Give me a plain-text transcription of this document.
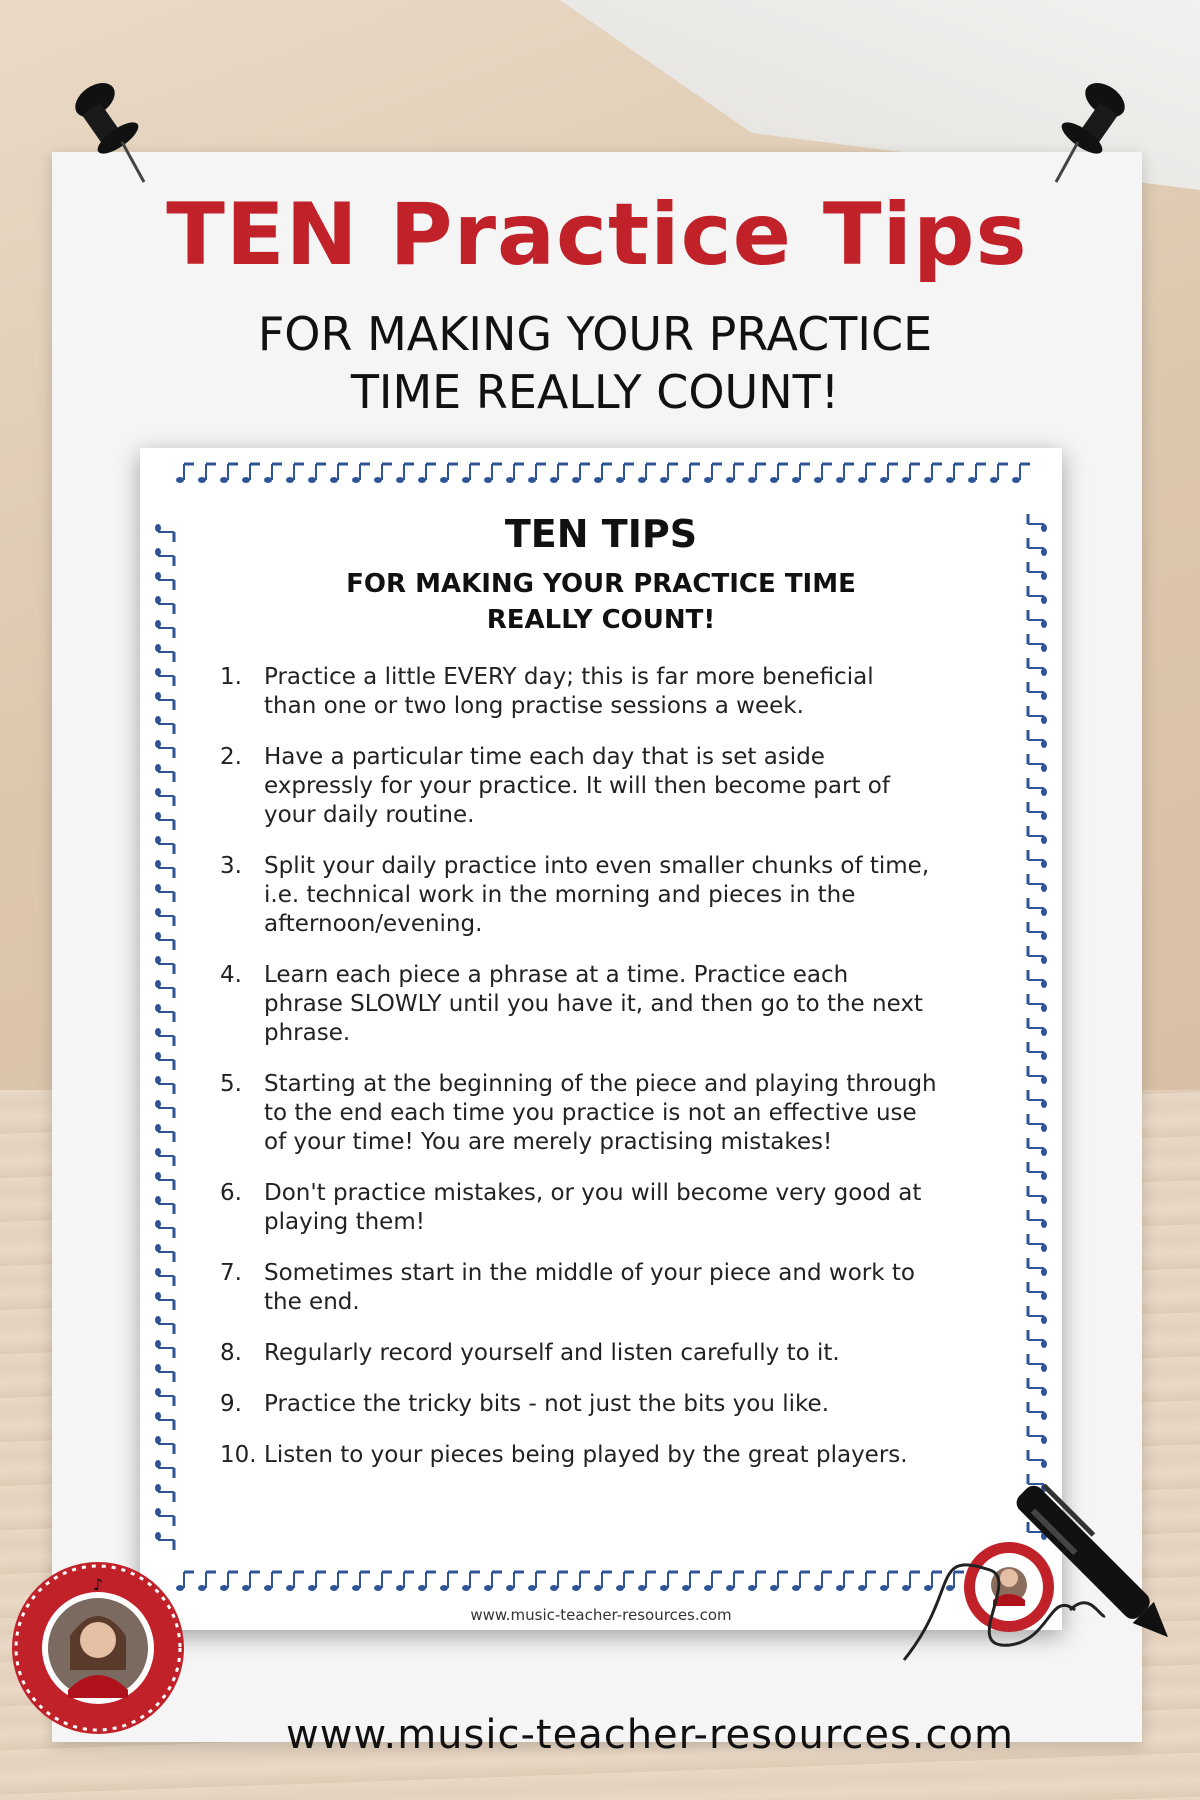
TEN Practice Tips
FOR MAKING YOUR PRACTICE
TIME REALLY COUNT!
TEN TIPS
FOR MAKING YOUR PRACTICE TIME
REALLY COUNT!
1. Practice a little EVERY day; this is far more beneficial
than one or two long practise sessions a week.
2. Have a particular time each day that is set aside
expressly for your practice. It will then become part of
your daily routine.
3. Split your daily practice into even smaller chunks of time,
i.e. technical work in the morning and pieces in the
afternoon/evening.
4. Learn each piece a phrase at a time. Practice each
phrase SLOWLY until you have it, and then go to the next
phrase.
5. Starting at the beginning of the piece and playing through
to the end each time you practice is not an effective use
of your time! You are merely practising mistakes!
6. Don't practice mistakes, or you will become very good at
playing them!
7. Sometimes start in the middle of your piece and work to
the end.
8. Regularly record yourself and listen carefully to it.
9. Practice the tricky bits - not just the bits you like.
10. Listen to your pieces being played by the great players.
www.music-teacher-resources.com
♪
www.music-teacher-resources.com
